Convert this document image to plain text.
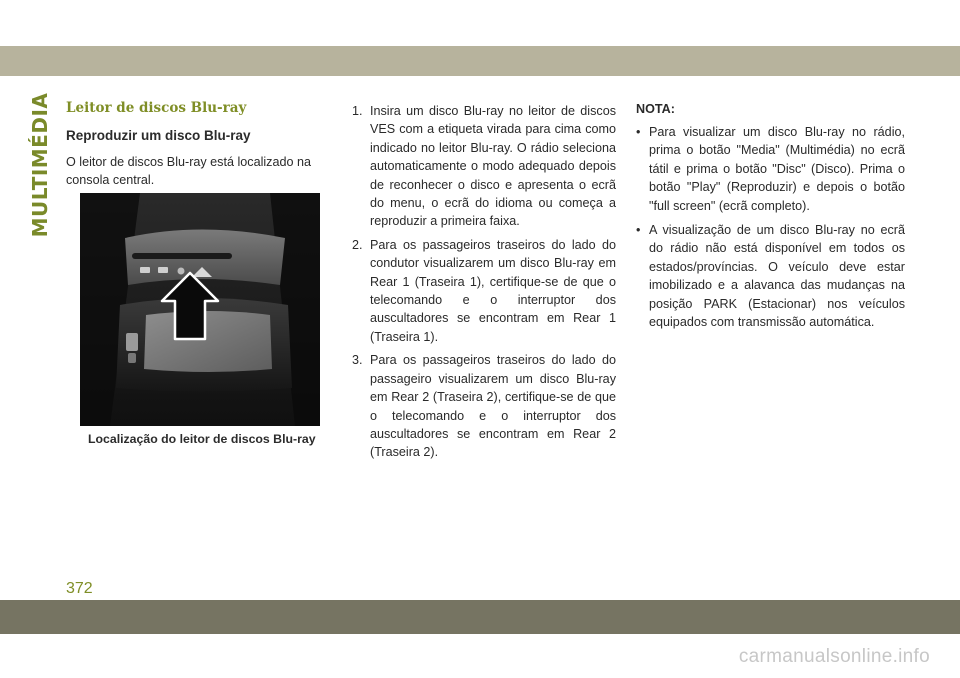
MULTIMÉDIA Leitor de discos Blu-ray
Reproduzir um disco Blu-ray

O leitor de discos Blu-ray está localizado na consola central.

Localização do leitor de discos Blu-ray
1. Insira um disco Blu-ray no leitor de discos VES com a etiqueta virada para cima como indicado no leitor Blu-ray. O rádio seleciona automaticamente o modo adequado depois de reconhecer o disco e apresenta o ecrã do menu, o ecrã do idioma ou começa a reproduzir a primeira faixa.
2. Para os passageiros traseiros do lado do condutor visualizarem um disco Blu-ray em Rear 1 (Traseira 1), certifique-se de que o telecomando e o interruptor dos auscultadores se encontram em Rear 1 (Traseira 1).
3. Para os passageiros traseiros do lado do passageiro visualizarem um disco Blu-ray em Rear 2 (Traseira 2), certifique-se de que o telecomando e o interruptor dos auscultadores se encontram em Rear 2 (Traseira 2).
NOTA:
• Para visualizar um disco Blu-ray no rádio, prima o botão "Media" (Multimédia) no ecrã tátil e prima o botão "Disc" (Disco). Prima o botão "Play" (Reproduzir) e depois o botão "full screen" (ecrã completo).
• A visualização de um disco Blu-ray no ecrã do rádio não está disponível em todos os estados/províncias. O veículo deve estar imobilizado e a alavanca das mudanças na posição PARK (Estacionar) nos veículos equipados com transmissão automática.
372
carmanualsonline.info
